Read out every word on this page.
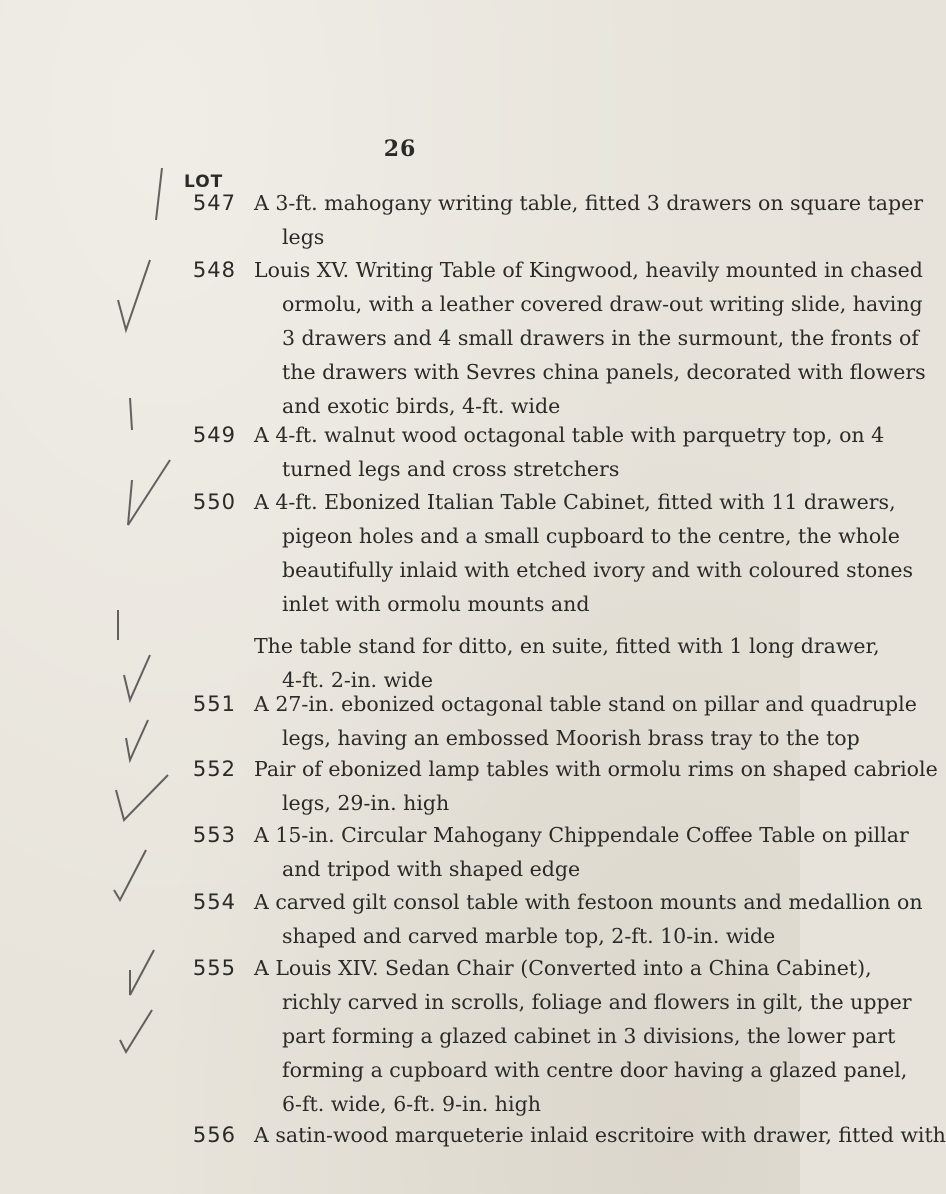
26
LOT
547 A 3-ft. mahogany writing table, fitted 3 drawers on square taper
legs
548 Louis XV. Writing Table of Kingwood, heavily mounted in chased
ormolu, with a leather covered draw-out writing slide, having
3 drawers and 4 small drawers in the surmount, the fronts of
the drawers with Sevres china panels, decorated with flowers
and exotic birds, 4-ft. wide
549 A 4-ft. walnut wood octagonal table with parquetry top, on 4
turned legs and cross stretchers
550 A 4-ft. Ebonized Italian Table Cabinet, fitted with 11 drawers,
pigeon holes and a small cupboard to the centre, the whole
beautifully inlaid with etched ivory and with coloured stones
inlet with ormolu mounts and
The table stand for ditto, en suite, fitted with 1 long drawer,
4-ft. 2-in. wide
551 A 27-in. ebonized octagonal table stand on pillar and quadruple
legs, having an embossed Moorish brass tray to the top
552 Pair of ebonized lamp tables with ormolu rims on shaped cabriole
legs, 29-in. high
553 A 15-in. Circular Mahogany Chippendale Coffee Table on pillar
and tripod with shaped edge
554 A carved gilt consol table with festoon mounts and medallion on
shaped and carved marble top, 2-ft. 10-in. wide
555 A Louis XIV. Sedan Chair (Converted into a China Cabinet),
richly carved in scrolls, foliage and flowers in gilt, the upper
part forming a glazed cabinet in 3 divisions, the lower part
forming a cupboard with centre door having a glazed panel,
6-ft. wide, 6-ft. 9-in. high
556 A satin-wood marqueterie inlaid escritoire with drawer, fitted with
